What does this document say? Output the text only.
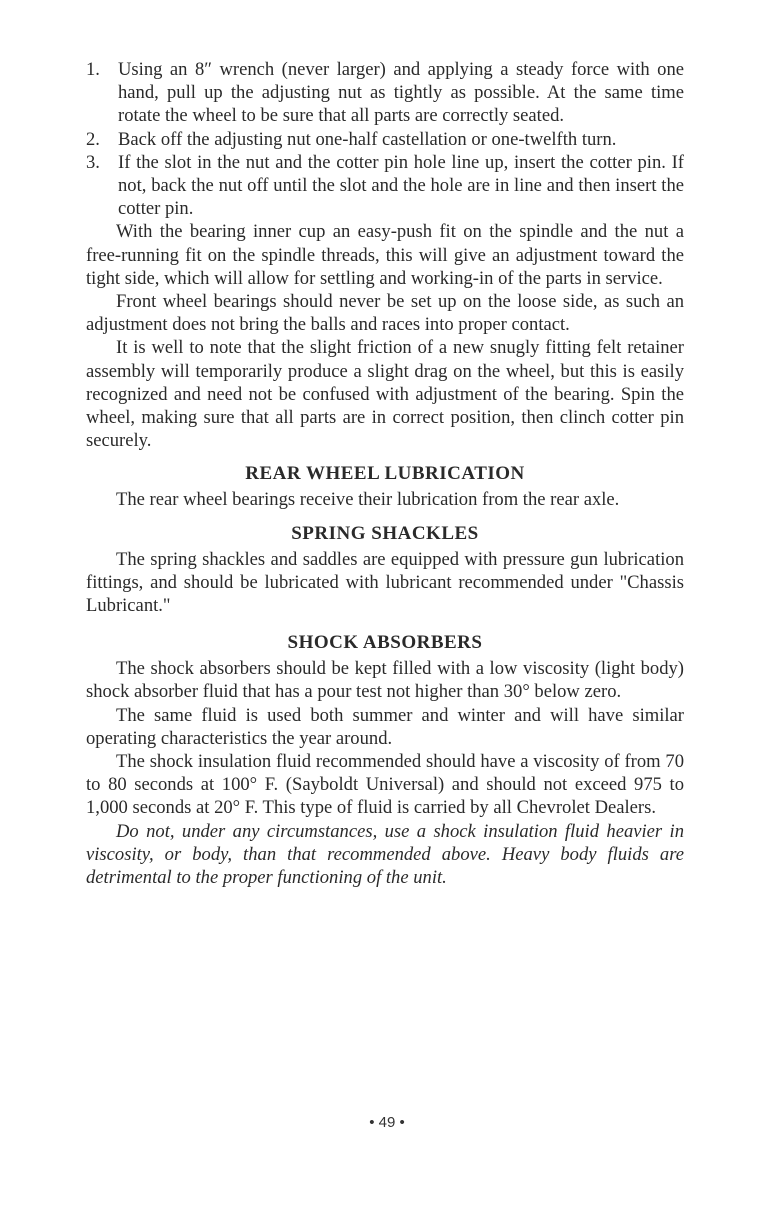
1. Using an 8″ wrench (never larger) and applying a steady force with one hand, pull up the adjusting nut as tightly as possible. At the same time rotate the wheel to be sure that all parts are correctly seated.
2. Back off the adjusting nut one-half castellation or one-twelfth turn.
3. If the slot in the nut and the cotter pin hole line up, insert the cotter pin. If not, back the nut off until the slot and the hole are in line and then insert the cotter pin.

With the bearing inner cup an easy-push fit on the spindle and the nut a free-running fit on the spindle threads, this will give an adjustment toward the tight side, which will allow for settling and working-in of the parts in service.

Front wheel bearings should never be set up on the loose side, as such an adjustment does not bring the balls and races into proper contact.

It is well to note that the slight friction of a new snugly fitting felt retainer assembly will temporarily produce a slight drag on the wheel, but this is easily recognized and need not be confused with adjustment of the bearing. Spin the wheel, making sure that all parts are in correct position, then clinch cotter pin securely.

REAR WHEEL LUBRICATION

The rear wheel bearings receive their lubrication from the rear axle.

SPRING SHACKLES

The spring shackles and saddles are equipped with pressure gun lubrication fittings, and should be lubricated with lubricant recommended under "Chassis Lubricant."

SHOCK ABSORBERS

The shock absorbers should be kept filled with a low viscosity (light body) shock absorber fluid that has a pour test not higher than 30° below zero.

The same fluid is used both summer and winter and will have similar operating characteristics the year around.

The shock insulation fluid recommended should have a viscosity of from 70 to 80 seconds at 100° F. (Sayboldt Universal) and should not exceed 975 to 1,000 seconds at 20° F. This type of fluid is carried by all Chevrolet Dealers.

Do not, under any circumstances, use a shock insulation fluid heavier in viscosity, or body, than that recommended above. Heavy body fluids are detrimental to the proper functioning of the unit.

• 49 •
